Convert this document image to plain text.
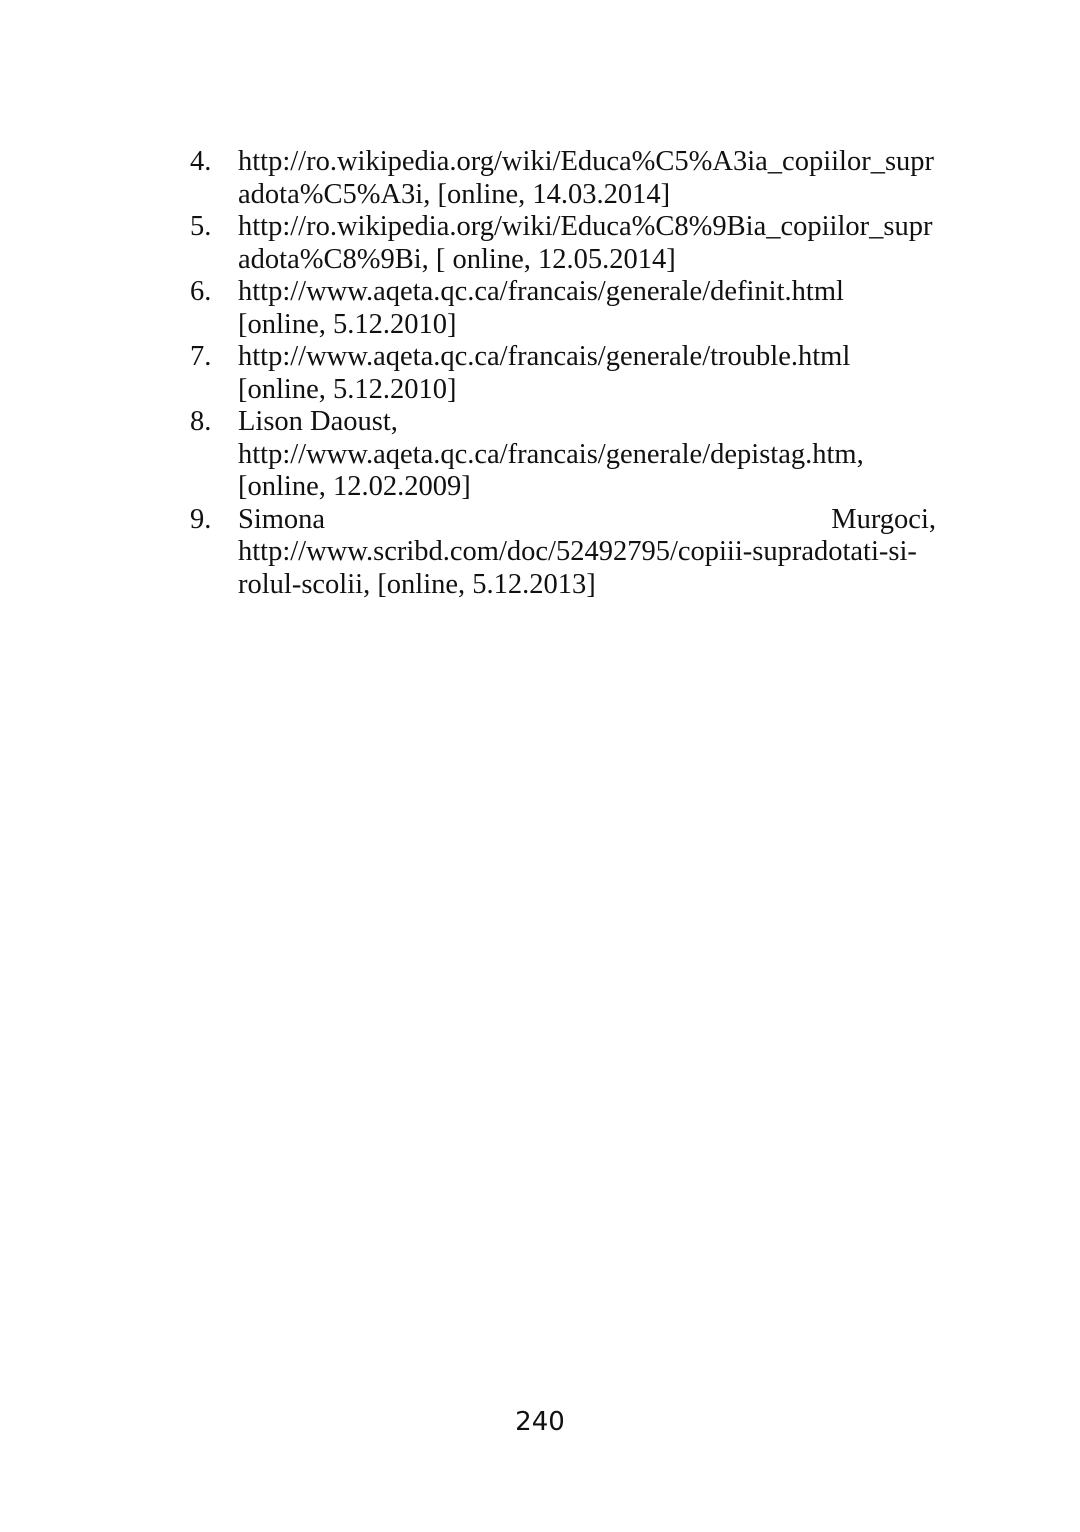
4. http://ro.wikipedia.org/wiki/Educa%C5%A3ia_copiilor_supr
adota%C5%A3i, [online, 14.03.2014]
5. http://ro.wikipedia.org/wiki/Educa%C8%9Bia_copiilor_supr
adota%C8%9Bi, [ online, 12.05.2014]
6. http://www.aqeta.qc.ca/francais/generale/definit.html
[online, 5.12.2010]
7. http://www.aqeta.qc.ca/francais/generale/trouble.html
[online, 5.12.2010]
8. Lison Daoust,
http://www.aqeta.qc.ca/francais/generale/depistag.htm,
[online, 12.02.2009]
9. Simona	Murgoci,
http://www.scribd.com/doc/52492795/copiii-supradotati-si-
rolul-scolii, [online, 5.12.2013]
240
